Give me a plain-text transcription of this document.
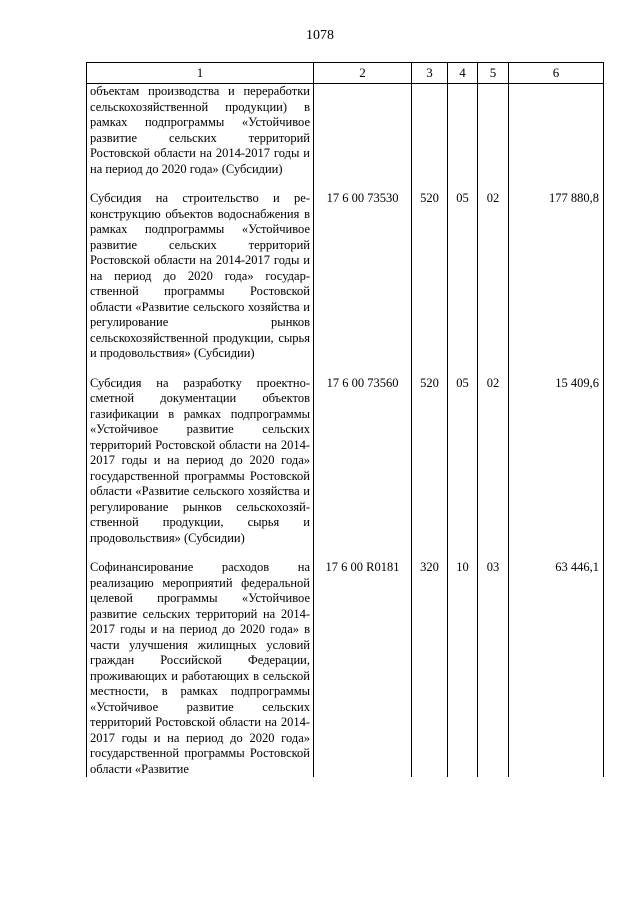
1078
1	2	3	4	5	6
объектам производства и переработки сельскохозяйственной продукции) в рамках подпрограммы «Устойчивое развитие сельских территорий Ростовской области на 2014-2017 годы и на период до 2020 года» (Субсидии)					
Субсидия на строительство и реконструкцию объектов водоснабжения в рамках подпрограммы «Устойчивое развитие сельских территорий Ростовской области на 2014-2017 годы и на период до 2020 года» государственной программы Ростовской области «Развитие сельского хозяйства и регулирование рынков сельскохозяйственной продукции, сырья и продовольствия» (Субсидии)	17 6 00 73530	520	05	02	177 880,8
Субсидия на разработку проектно-сметной документации объектов газификации в рамках подпрограммы «Устойчивое развитие сельских территорий Ростовской области на 2014-2017 годы и на период до 2020 года» государственной программы Ростовской области «Развитие сельского хозяйства и регулирование рынков сельскохозяйственной продукции, сырья и продовольствия» (Субсидии)	17 6 00 73560	520	05	02	15 409,6
Софинансирование расходов на реализацию мероприятий федеральной целевой программы «Устойчивое развитие сельских территорий на 2014-2017 годы и на период до 2020 года» в части улучшения жилищных условий граждан Российской Федерации, проживающих и работающих в сельской местности, в рамках подпрограммы «Устойчивое развитие сельских территорий Ростовской области на 2014-2017 годы и на период до 2020 года» государственной программы Ростовской области «Развитие	17 6 00 R0181	320	10	03	63 446,1
